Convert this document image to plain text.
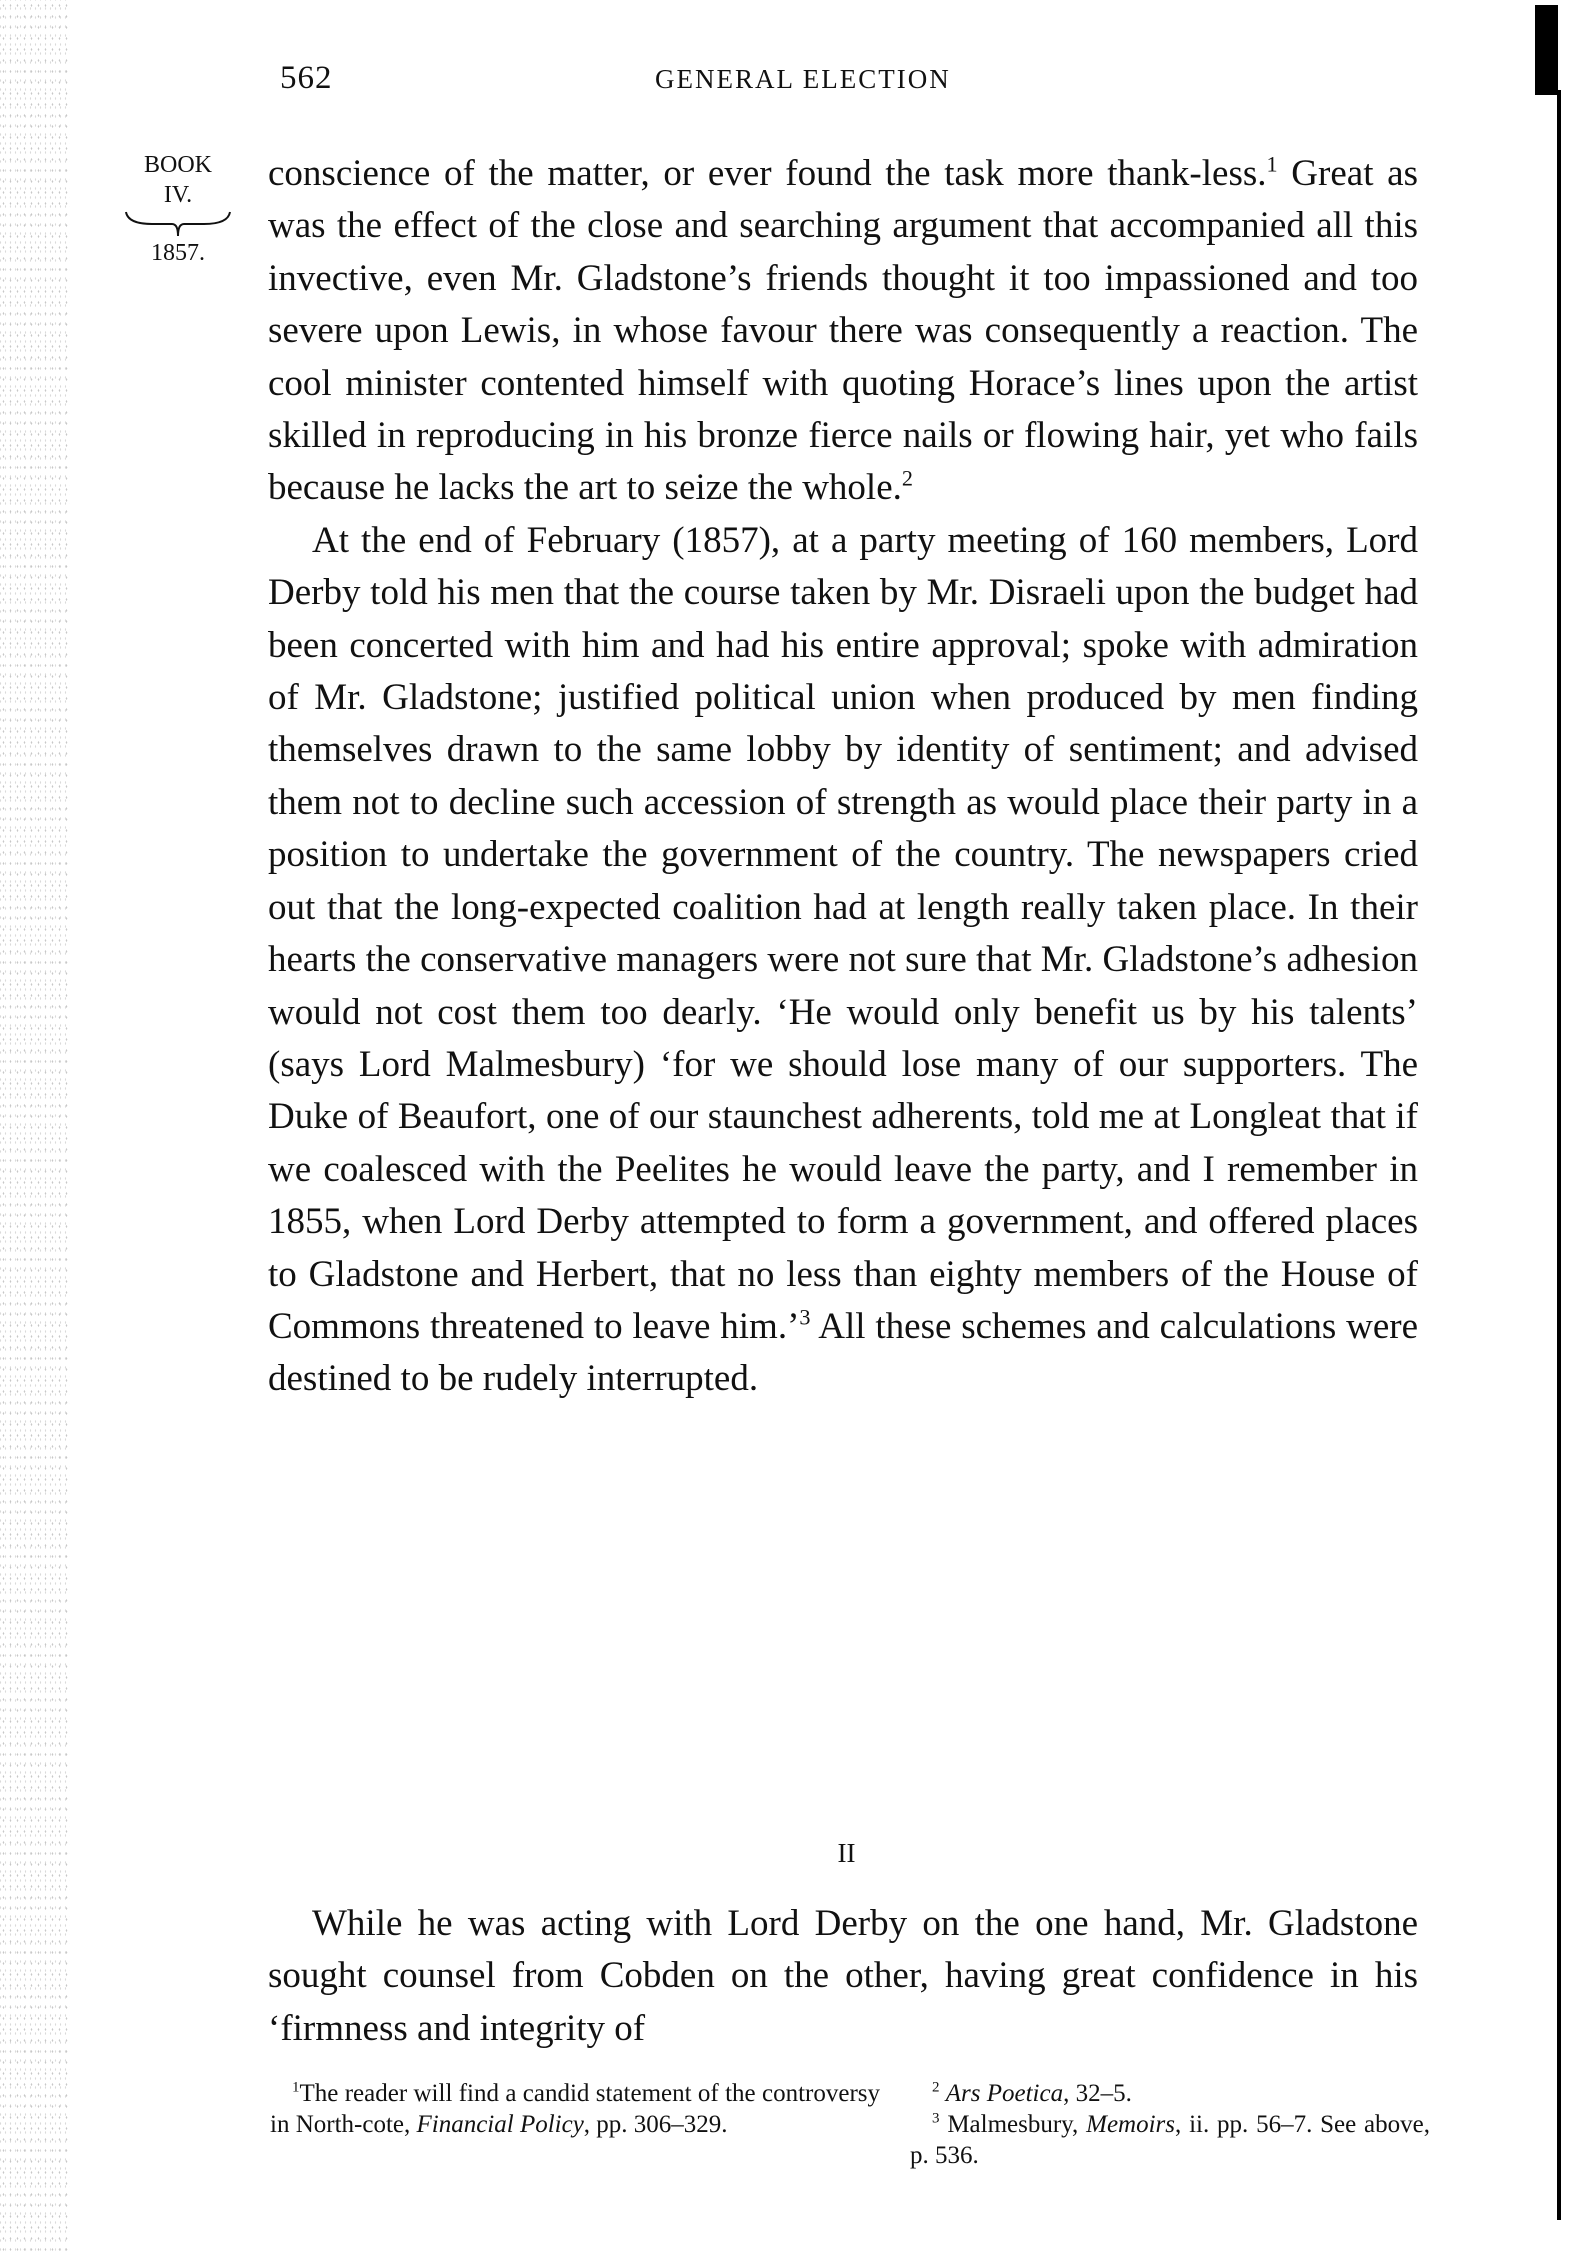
562	GENERAL ELECTION
BOOK
IV.
1857.

conscience of the matter, or ever found the task more thank-less.$^1$ Great as was the effect of the close and searching argument that accompanied all this invective, even Mr. Gladstone’s friends thought it too impassioned and too severe upon Lewis, in whose favour there was consequently a reaction. The cool minister contented himself with quoting Horace’s lines upon the artist skilled in reproducing in his bronze fierce nails or flowing hair, yet who fails because he lacks the art to seize the whole.$^2$

At the end of February (1857), at a party meeting of 160 members, Lord Derby told his men that the course taken by Mr. Disraeli upon the budget had been concerted with him and had his entire approval; spoke with admiration of Mr. Gladstone; justified political union when produced by men finding themselves drawn to the same lobby by identity of sentiment; and advised them not to decline such accession of strength as would place their party in a position to undertake the government of the country. The newspapers cried out that the long-expected coalition had at length really taken place. In their hearts the conservative managers were not sure that Mr. Gladstone’s adhesion would not cost them too dearly. ‘He would only benefit us by his talents’ (says Lord Malmesbury) ‘for we should lose many of our supporters. The Duke of Beaufort, one of our staunchest adherents, told me at Longleat that if we coalesced with the Peelites he would leave the party, and I remember in 1855, when Lord Derby attempted to form a government, and offered places to Gladstone and Herbert, that no less than eighty members of the House of Commons threatened to leave him.’$^3$ All these schemes and calculations were destined to be rudely interrupted.

II

While he was acting with Lord Derby on the one hand, Mr. Gladstone sought counsel from Cobden on the other, having great confidence in his ‘firmness and integrity of

$^1$The reader will find a candid statement of the controversy in North-cote, Financial Policy, pp. 306–329.

$^2$ Ars Poetica, 32–5.

$^3$ Malmesbury, Memoirs, ii. pp. 56–7. See above, p. 536.
